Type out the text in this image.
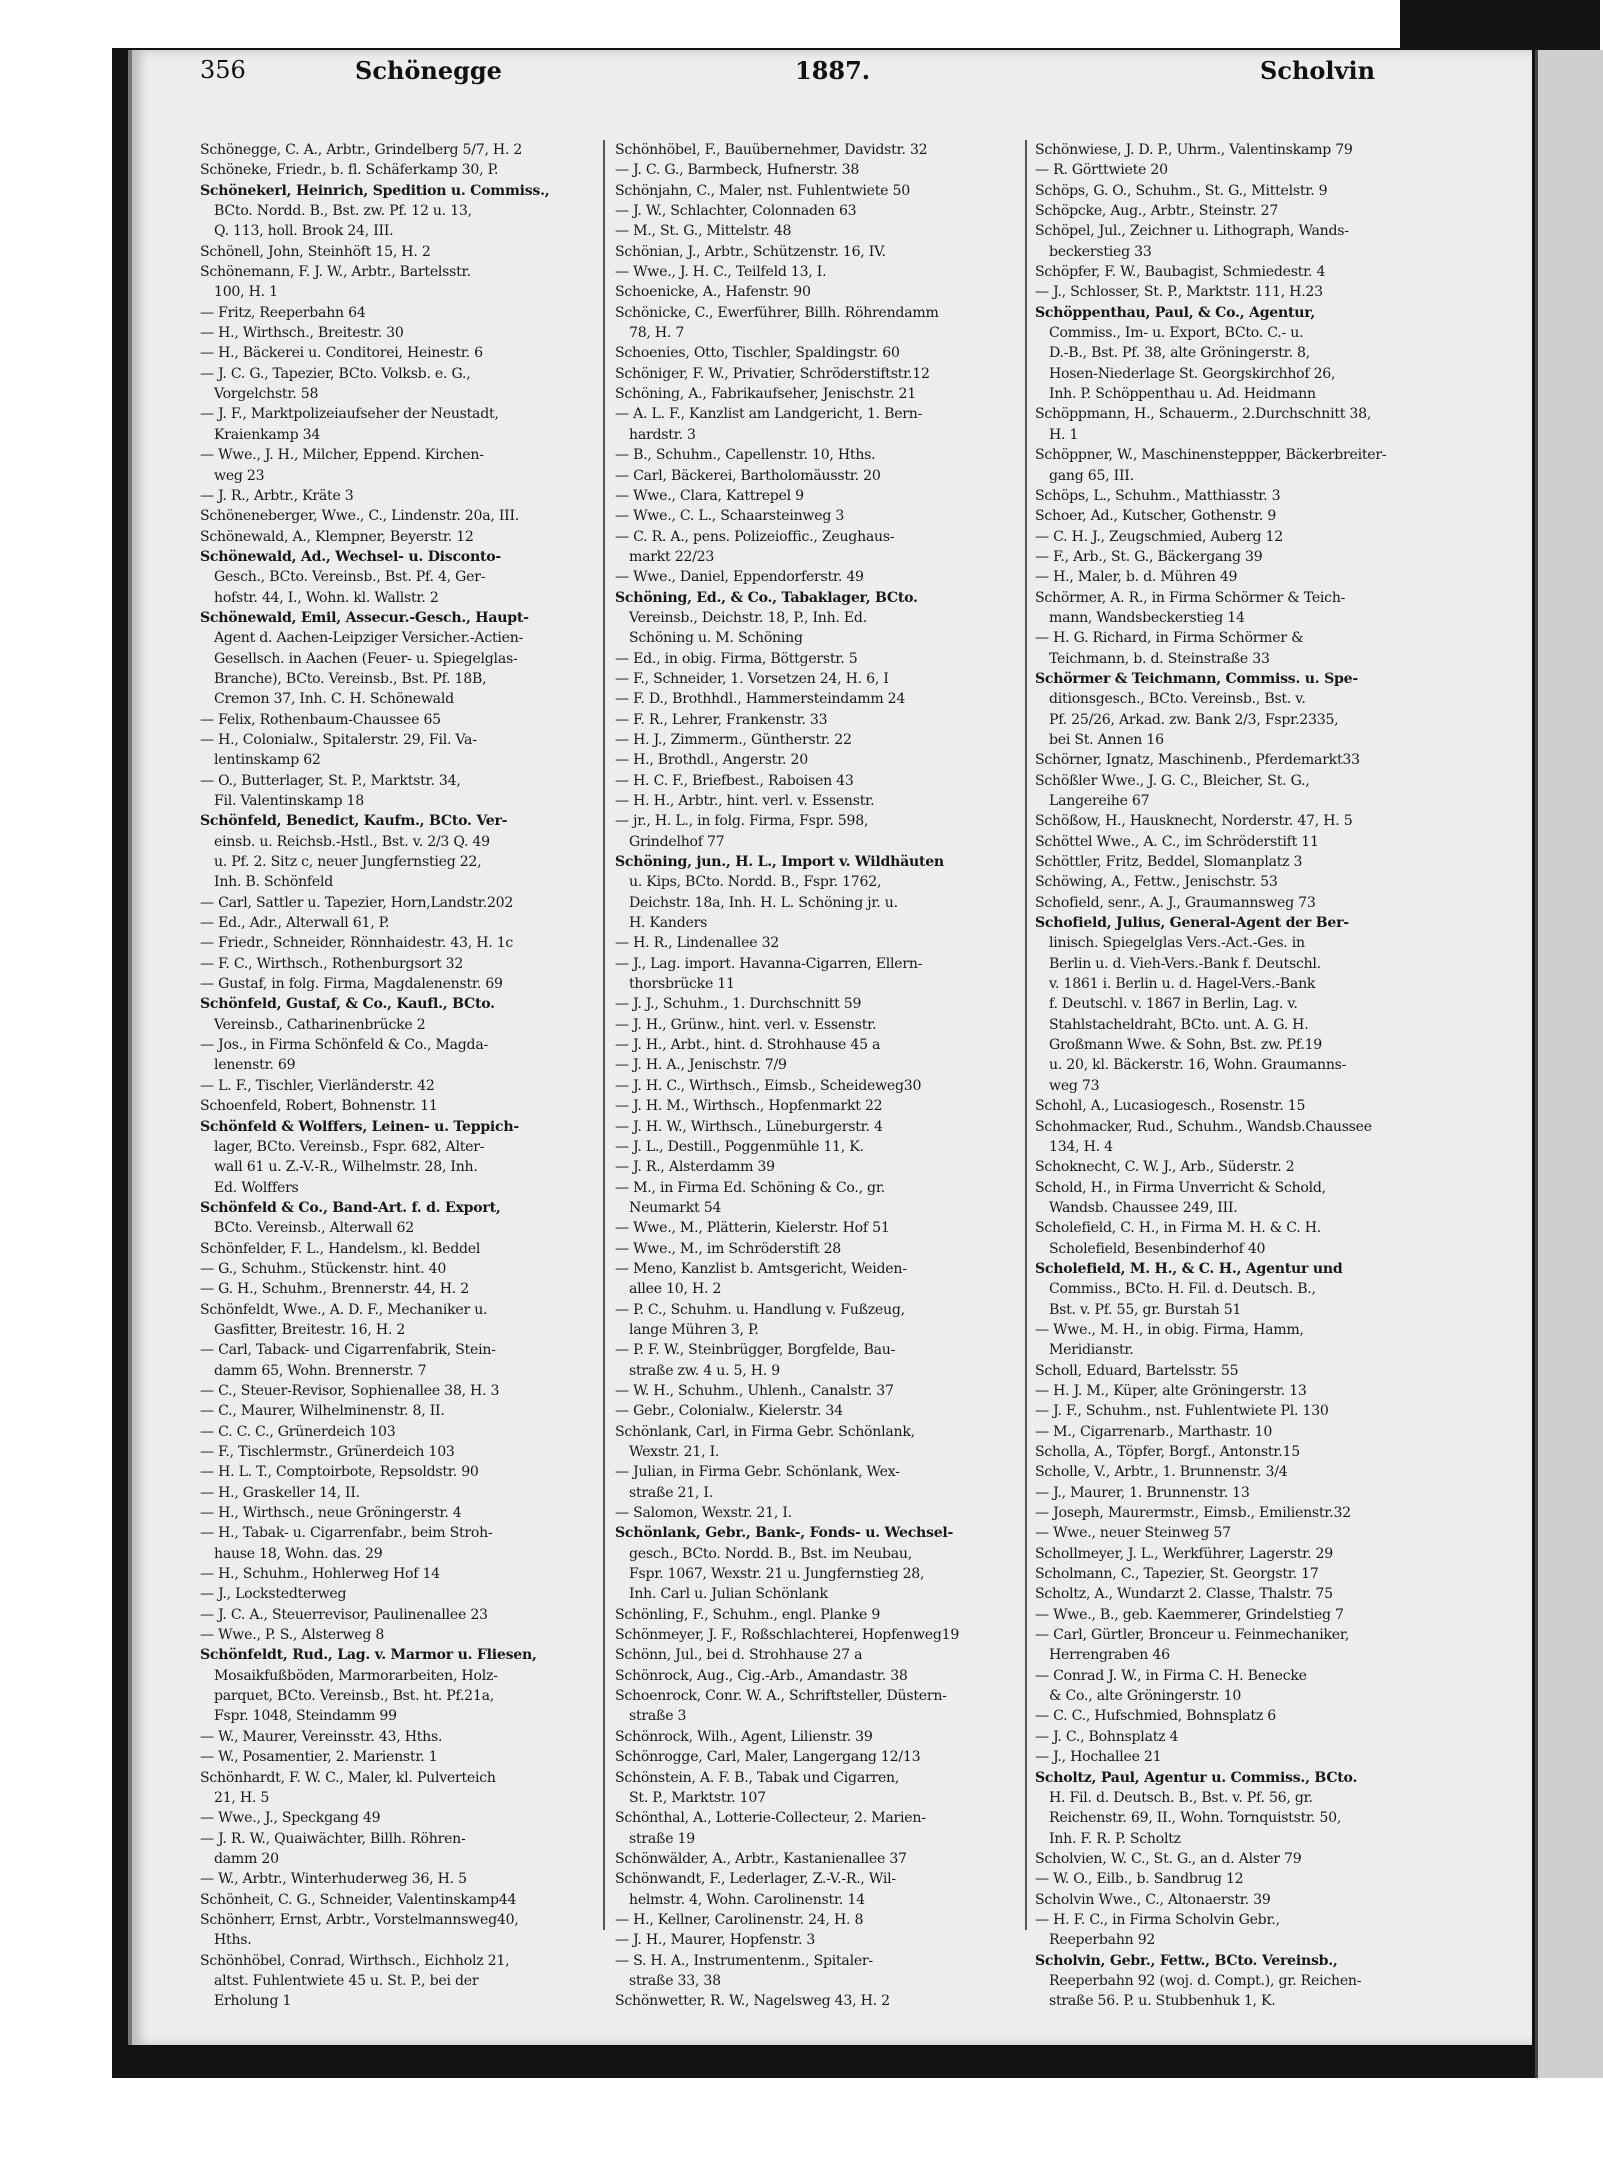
356	Schönegge	1887.	Scholvin
Schönegge, C. A., Arbtr., Grindelberg 5/7, H. 2
Schöneke, Friedr., b. fl. Schäferkamp 30, P.
Schönekerl, Heinrich, Spedition u. Commiss.,
BCto. Nordd. B., Bst. zw. Pf. 12 u. 13,
Q. 113, holl. Brook 24, III.
Schönell, John, Steinhöft 15, H. 2
Schönemann, F. J. W., Arbtr., Bartelsstr.
100, H. 1
— Fritz, Reeperbahn 64
— H., Wirthsch., Breitestr. 30
— H., Bäckerei u. Conditorei, Heinestr. 6
— J. C. G., Tapezier, BCto. Volksb. e. G.,
Vorgelchstr. 58
— J. F., Marktpolizeiaufseher der Neustadt,
Kraienkamp 34
— Wwe., J. H., Milcher, Eppend. Kirchen-
weg 23
— J. R., Arbtr., Kräte 3
Schöneneberger, Wwe., C., Lindenstr. 20a, III.
Schönewald, A., Klempner, Beyerstr. 12
Schönewald, Ad., Wechsel- u. Disconto-
Gesch., BCto. Vereinsb., Bst. Pf. 4, Ger-
hofstr. 44, I., Wohn. kl. Wallstr. 2
Schönewald, Emil, Assecur.-Gesch., Haupt-
Agent d. Aachen-Leipziger Versicher.-Actien-
Gesellsch. in Aachen (Feuer- u. Spiegelglas-
Branche), BCto. Vereinsb., Bst. Pf. 18B,
Cremon 37, Inh. C. H. Schönewald
— Felix, Rothenbaum-Chaussee 65
— H., Colonialw., Spitalerstr. 29, Fil. Va-
lentinskamp 62
— O., Butterlager, St. P., Marktstr. 34,
Fil. Valentinskamp 18
Schönfeld, Benedict, Kaufm., BCto. Ver-
einsb. u. Reichsb.-Hstl., Bst. v. 2/3 Q. 49
u. Pf. 2. Sitz c, neuer Jungfernstieg 22,
Inh. B. Schönfeld
— Carl, Sattler u. Tapezier, Horn,Landstr.202
— Ed., Adr., Alterwall 61, P.
— Friedr., Schneider, Rönnhaidestr. 43, H. 1c
— F. C., Wirthsch., Rothenburgsort 32
— Gustaf, in folg. Firma, Magdalenenstr. 69
Schönfeld, Gustaf, & Co., Kaufl., BCto.
Vereinsb., Catharinenbrücke 2
— Jos., in Firma Schönfeld & Co., Magda-
lenenstr. 69
— L. F., Tischler, Vierländerstr. 42
Schoenfeld, Robert, Bohnenstr. 11
Schönfeld & Wolffers, Leinen- u. Teppich-
lager, BCto. Vereinsb., Fspr. 682, Alter-
wall 61 u. Z.-V.-R., Wilhelmstr. 28, Inh.
Ed. Wolffers
Schönfeld & Co., Band-Art. f. d. Export,
BCto. Vereinsb., Alterwall 62
Schönfelder, F. L., Handelsm., kl. Beddel
— G., Schuhm., Stückenstr. hint. 40
— G. H., Schuhm., Brennerstr. 44, H. 2
Schönfeldt, Wwe., A. D. F., Mechaniker u.
Gasfitter, Breitestr. 16, H. 2
— Carl, Taback- und Cigarrenfabrik, Stein-
damm 65, Wohn. Brennerstr. 7
— C., Steuer-Revisor, Sophienallee 38, H. 3
— C., Maurer, Wilhelminenstr. 8, II.
— C. C. C., Grünerdeich 103
— F., Tischlermstr., Grünerdeich 103
— H. L. T., Comptoirbote, Repsoldstr. 90
— H., Graskeller 14, II.
— H., Wirthsch., neue Gröningerstr. 4
— H., Tabak- u. Cigarrenfabr., beim Stroh-
hause 18, Wohn. das. 29
— H., Schuhm., Hohlerweg Hof 14
— J., Lockstedterweg
— J. C. A., Steuerrevisor, Paulinenallee 23
— Wwe., P. S., Alsterweg 8
Schönfeldt, Rud., Lag. v. Marmor u. Fliesen,
Mosaikfußböden, Marmorarbeiten, Holz-
parquet, BCto. Vereinsb., Bst. ht. Pf.21a,
Fspr. 1048, Steindamm 99
— W., Maurer, Vereinsstr. 43, Hths.
— W., Posamentier, 2. Marienstr. 1
Schönhardt, F. W. C., Maler, kl. Pulverteich
21, H. 5
— Wwe., J., Speckgang 49
— J. R. W., Quaiwächter, Billh. Röhren-
damm 20
— W., Arbtr., Winterhuderweg 36, H. 5
Schönheit, C. G., Schneider, Valentinskamp44
Schönherr, Ernst, Arbtr., Vorstelmannsweg40,
Hths.
Schönhöbel, Conrad, Wirthsch., Eichholz 21,
altst. Fuhlentwiete 45 u. St. P., bei der
Erholung 1
Schönhöbel, F., Bauübernehmer, Davidstr. 32
— J. C. G., Barmbeck, Hufnerstr. 38
Schönjahn, C., Maler, nst. Fuhlentwiete 50
— J. W., Schlachter, Colonnaden 63
— M., St. G., Mittelstr. 48
Schönian, J., Arbtr., Schützenstr. 16, IV.
— Wwe., J. H. C., Teilfeld 13, I.
Schoenicke, A., Hafenstr. 90
Schönicke, C., Ewerführer, Billh. Röhrendamm
78, H. 7
Schoenies, Otto, Tischler, Spaldingstr. 60
Schöniger, F. W., Privatier, Schröderstiftstr.12
Schöning, A., Fabrikaufseher, Jenischstr. 21
— A. L. F., Kanzlist am Landgericht, 1. Bern-
hardstr. 3
— B., Schuhm., Capellenstr. 10, Hths.
— Carl, Bäckerei, Bartholomäusstr. 20
— Wwe., Clara, Kattrepel 9
— Wwe., C. L., Schaarsteinweg 3
— C. R. A., pens. Polizeioffic., Zeughaus-
markt 22/23
— Wwe., Daniel, Eppendorferstr. 49
Schöning, Ed., & Co., Tabaklager, BCto.
Vereinsb., Deichstr. 18, P., Inh. Ed.
Schöning u. M. Schöning
— Ed., in obig. Firma, Böttgerstr. 5
— F., Schneider, 1. Vorsetzen 24, H. 6, I
— F. D., Brothhdl., Hammersteindamm 24
— F. R., Lehrer, Frankenstr. 33
— H. J., Zimmerm., Güntherstr. 22
— H., Brothdl., Angerstr. 20
— H. C. F., Briefbest., Raboisen 43
— H. H., Arbtr., hint. verl. v. Essenstr.
— jr., H. L., in folg. Firma, Fspr. 598,
Grindelhof 77
Schöning, jun., H. L., Import v. Wildhäuten
u. Kips, BCto. Nordd. B., Fspr. 1762,
Deichstr. 18a, Inh. H. L. Schöning jr. u.
H. Kanders
— H. R., Lindenallee 32
— J., Lag. import. Havanna-Cigarren, Ellern-
thorsbrücke 11
— J. J., Schuhm., 1. Durchschnitt 59
— J. H., Grünw., hint. verl. v. Essenstr.
— J. H., Arbt., hint. d. Strohhause 45 a
— J. H. A., Jenischstr. 7/9
— J. H. C., Wirthsch., Eimsb., Scheideweg30
— J. H. M., Wirthsch., Hopfenmarkt 22
— J. H. W., Wirthsch., Lüneburgerstr. 4
— J. L., Destill., Poggenmühle 11, K.
— J. R., Alsterdamm 39
— M., in Firma Ed. Schöning & Co., gr.
Neumarkt 54
— Wwe., M., Plätterin, Kielerstr. Hof 51
— Wwe., M., im Schröderstift 28
— Meno, Kanzlist b. Amtsgericht, Weiden-
allee 10, H. 2
— P. C., Schuhm. u. Handlung v. Fußzeug,
lange Mühren 3, P.
— P. F. W., Steinbrügger, Borgfelde, Bau-
straße zw. 4 u. 5, H. 9
— W. H., Schuhm., Uhlenh., Canalstr. 37
— Gebr., Colonialw., Kielerstr. 34
Schönlank, Carl, in Firma Gebr. Schönlank,
Wexstr. 21, I.
— Julian, in Firma Gebr. Schönlank, Wex-
straße 21, I.
— Salomon, Wexstr. 21, I.
Schönlank, Gebr., Bank-, Fonds- u. Wechsel-
gesch., BCto. Nordd. B., Bst. im Neubau,
Fspr. 1067, Wexstr. 21 u. Jungfernstieg 28,
Inh. Carl u. Julian Schönlank
Schönling, F., Schuhm., engl. Planke 9
Schönmeyer, J. F., Roßschlachterei, Hopfenweg19
Schönn, Jul., bei d. Strohhause 27 a
Schönrock, Aug., Cig.-Arb., Amandastr. 38
Schoenrock, Conr. W. A., Schriftsteller, Düstern-
straße 3
Schönrock, Wilh., Agent, Lilienstr. 39
Schönrogge, Carl, Maler, Langergang 12/13
Schönstein, A. F. B., Tabak und Cigarren,
St. P., Marktstr. 107
Schönthal, A., Lotterie-Collecteur, 2. Marien-
straße 19
Schönwälder, A., Arbtr., Kastanienallee 37
Schönwandt, F., Lederlager, Z.-V.-R., Wil-
helmstr. 4, Wohn. Carolinenstr. 14
— H., Kellner, Carolinenstr. 24, H. 8
— J. H., Maurer, Hopfenstr. 3
— S. H. A., Instrumentenm., Spitaler-
straße 33, 38
Schönwetter, R. W., Nagelsweg 43, H. 2
Schönwiese, J. D. P., Uhrm., Valentinskamp 79
— R. Görttwiete 20
Schöps, G. O., Schuhm., St. G., Mittelstr. 9
Schöpcke, Aug., Arbtr., Steinstr. 27
Schöpel, Jul., Zeichner u. Lithograph, Wands-
beckerstieg 33
Schöpfer, F. W., Baubagist, Schmiedestr. 4
— J., Schlosser, St. P., Marktstr. 111, H.23
Schöppenthau, Paul, & Co., Agentur,
Commiss., Im- u. Export, BCto. C.- u.
D.-B., Bst. Pf. 38, alte Gröningerstr. 8,
Hosen-Niederlage St. Georgskirchhof 26,
Inh. P. Schöppenthau u. Ad. Heidmann
Schöppmann, H., Schauerm., 2.Durchschnitt 38,
H. 1
Schöppner, W., Maschinensteppper, Bäckerbreiter-
gang 65, III.
Schöps, L., Schuhm., Matthiasstr. 3
Schoer, Ad., Kutscher, Gothenstr. 9
— C. H. J., Zeugschmied, Auberg 12
— F., Arb., St. G., Bäckergang 39
— H., Maler, b. d. Mühren 49
Schörmer, A. R., in Firma Schörmer & Teich-
mann, Wandsbeckerstieg 14
— H. G. Richard, in Firma Schörmer &
Teichmann, b. d. Steinstraße 33
Schörmer & Teichmann, Commiss. u. Spe-
ditionsgesch., BCto. Vereinsb., Bst. v.
Pf. 25/26, Arkad. zw. Bank 2/3, Fspr.2335,
bei St. Annen 16
Schörner, Ignatz, Maschinenb., Pferdemarkt33
Schößler Wwe., J. G. C., Bleicher, St. G.,
Langereihe 67
Schößow, H., Hausknecht, Norderstr. 47, H. 5
Schöttel Wwe., A. C., im Schröderstift 11
Schöttler, Fritz, Beddel, Slomanplatz 3
Schöwing, A., Fettw., Jenischstr. 53
Schofield, senr., A. J., Graumannsweg 73
Schofield, Julius, General-Agent der Ber-
linisch. Spiegelglas Vers.-Act.-Ges. in
Berlin u. d. Vieh-Vers.-Bank f. Deutschl.
v. 1861 i. Berlin u. d. Hagel-Vers.-Bank
f. Deutschl. v. 1867 in Berlin, Lag. v.
Stahlstacheldraht, BCto. unt. A. G. H.
Großmann Wwe. & Sohn, Bst. zw. Pf.19
u. 20, kl. Bäckerstr. 16, Wohn. Graumanns-
weg 73
Schohl, A., Lucasiogesch., Rosenstr. 15
Schohmacker, Rud., Schuhm., Wandsb.Chaussee
134, H. 4
Schoknecht, C. W. J., Arb., Süderstr. 2
Schold, H., in Firma Unverricht & Schold,
Wandsb. Chaussee 249, III.
Scholefield, C. H., in Firma M. H. & C. H.
Scholefield, Besenbinderhof 40
Scholefield, M. H., & C. H., Agentur und
Commiss., BCto. H. Fil. d. Deutsch. B.,
Bst. v. Pf. 55, gr. Burstah 51
— Wwe., M. H., in obig. Firma, Hamm,
Meridianstr.
Scholl, Eduard, Bartelsstr. 55
— H. J. M., Küper, alte Gröningerstr. 13
— J. F., Schuhm., nst. Fuhlentwiete Pl. 130
— M., Cigarrenarb., Marthastr. 10
Scholla, A., Töpfer, Borgf., Antonstr.15
Scholle, V., Arbtr., 1. Brunnenstr. 3/4
— J., Maurer, 1. Brunnenstr. 13
— Joseph, Maurermstr., Eimsb., Emilienstr.32
— Wwe., neuer Steinweg 57
Schollmeyer, J. L., Werkführer, Lagerstr. 29
Scholmann, C., Tapezier, St. Georgstr. 17
Scholtz, A., Wundarzt 2. Classe, Thalstr. 75
— Wwe., B., geb. Kaemmerer, Grindelstieg 7
— Carl, Gürtler, Bronceur u. Feinmechaniker,
Herrengraben 46
— Conrad J. W., in Firma C. H. Benecke
& Co., alte Gröningerstr. 10
— C. C., Hufschmied, Bohnsplatz 6
— J. C., Bohnsplatz 4
— J., Hochallee 21
Scholtz, Paul, Agentur u. Commiss., BCto.
H. Fil. d. Deutsch. B., Bst. v. Pf. 56, gr.
Reichenstr. 69, II., Wohn. Tornquiststr. 50,
Inh. F. R. P. Scholtz
Scholvien, W. C., St. G., an d. Alster 79
— W. O., Eilb., b. Sandbrug 12
Scholvin Wwe., C., Altonaerstr. 39
— H. F. C., in Firma Scholvin Gebr.,
Reeperbahn 92
Scholvin, Gebr., Fettw., BCto. Vereinsb.,
Reeperbahn 92 (woj. d. Compt.), gr. Reichen-
straße 56. P. u. Stubbenhuk 1, K.
